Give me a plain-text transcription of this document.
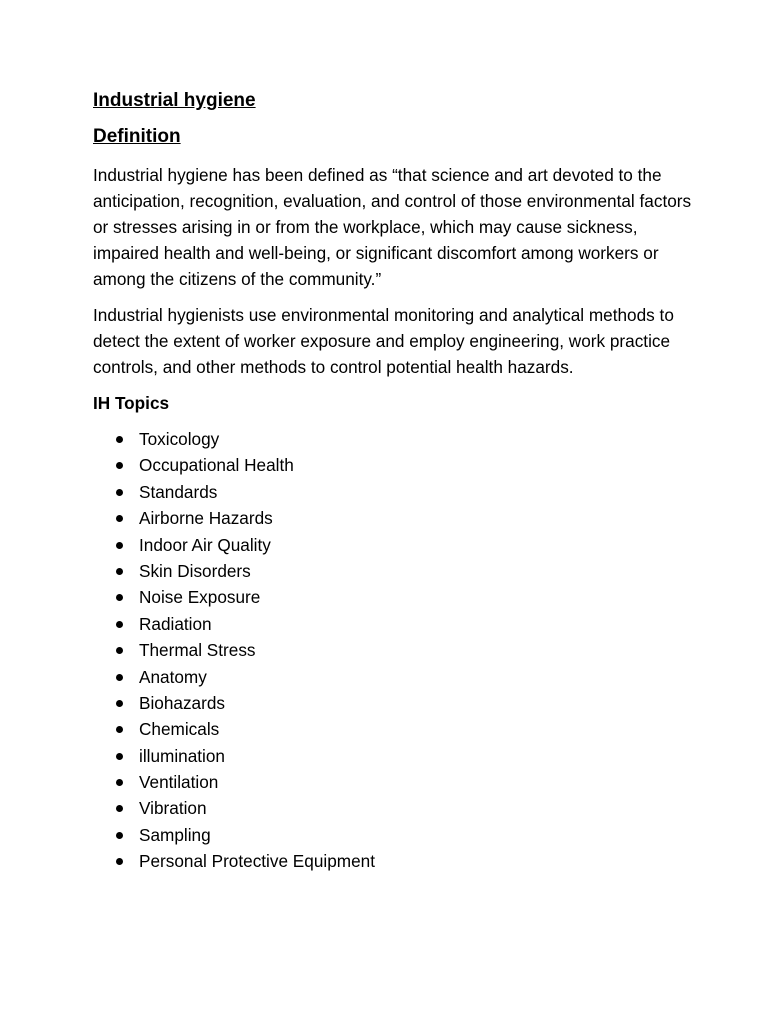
Industrial hygiene
Definition

Industrial hygiene has been defined as “that science and art devoted to the anticipation, recognition, evaluation, and control of those environmental factors or stresses arising in or from the workplace, which may cause sickness, impaired health and well-being, or significant discomfort among workers or among the citizens of the community.”

Industrial hygienists use environmental monitoring and analytical methods to detect the extent of worker exposure and employ engineering, work practice controls, and other methods to control potential health hazards.

IH Topics
Toxicology
Occupational Health
Standards
Airborne Hazards
Indoor Air Quality
Skin Disorders
Noise Exposure
Radiation
Thermal Stress
Anatomy
Biohazards
Chemicals
illumination
Ventilation
Vibration
Sampling
Personal Protective Equipment
